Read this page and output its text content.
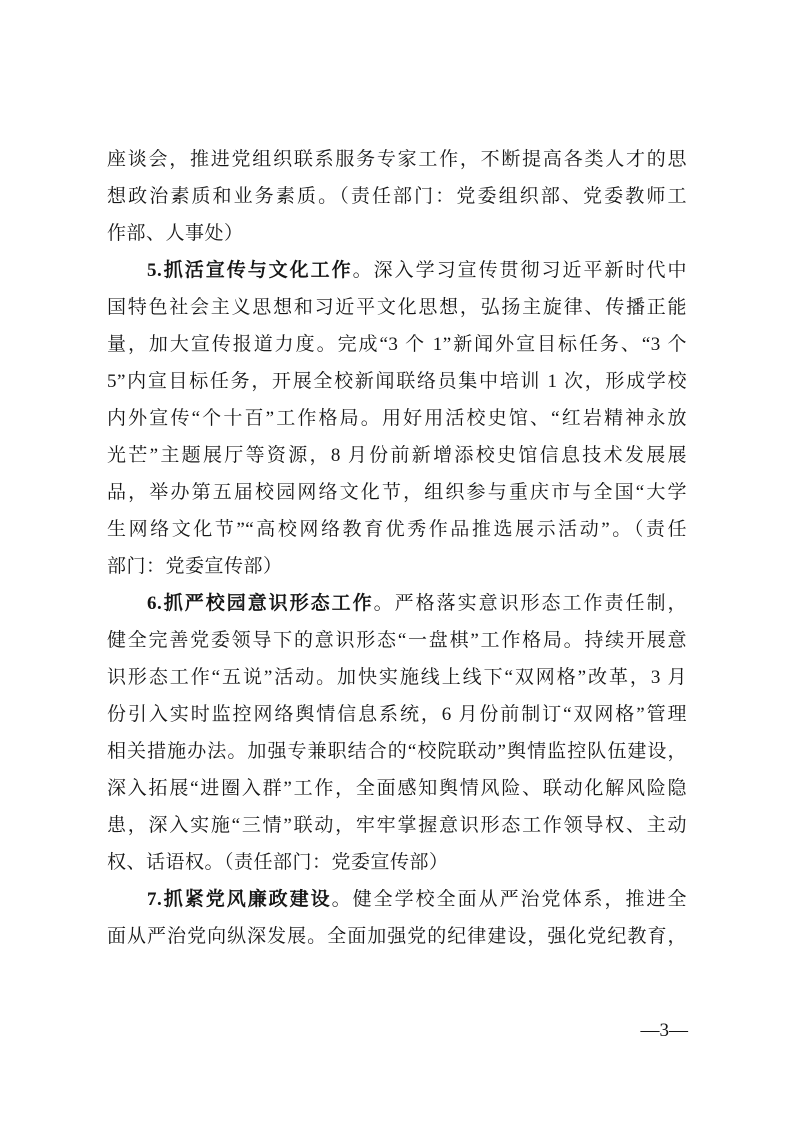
座谈会，推进党组织联系服务专家工作，不断提高各类人才的思
想政治素质和业务素质。（责任部门：党委组织部、党委教师工
作部、人事处）
5.抓活宣传与文化工作。深入学习宣传贯彻习近平新时代中
国特色社会主义思想和习近平文化思想，弘扬主旋律、传播正能
量，加大宣传报道力度。完成“3 个 1”新闻外宣目标任务、“3 个
5”内宣目标任务，开展全校新闻联络员集中培训 1 次，形成学校
内外宣传“个十百”工作格局。用好用活校史馆、“红岩精神永放
光芒”主题展厅等资源，8 月份前新增添校史馆信息技术发展展
品，举办第五届校园网络文化节，组织参与重庆市与全国“大学
生网络文化节”“高校网络教育优秀作品推选展示活动”。（责任
部门：党委宣传部）
6.抓严校园意识形态工作。严格落实意识形态工作责任制，
健全完善党委领导下的意识形态“一盘棋”工作格局。持续开展意
识形态工作“五说”活动。加快实施线上线下“双网格”改革，3 月
份引入实时监控网络舆情信息系统，6 月份前制订“双网格”管理
相关措施办法。加强专兼职结合的“校院联动”舆情监控队伍建设，
深入拓展“进圈入群”工作，全面感知舆情风险、联动化解风险隐
患，深入实施“三情”联动，牢牢掌握意识形态工作领导权、主动
权、话语权。（责任部门：党委宣传部）
7.抓紧党风廉政建设。健全学校全面从严治党体系，推进全
面从严治党向纵深发展。全面加强党的纪律建设，强化党纪教育，
—3—
